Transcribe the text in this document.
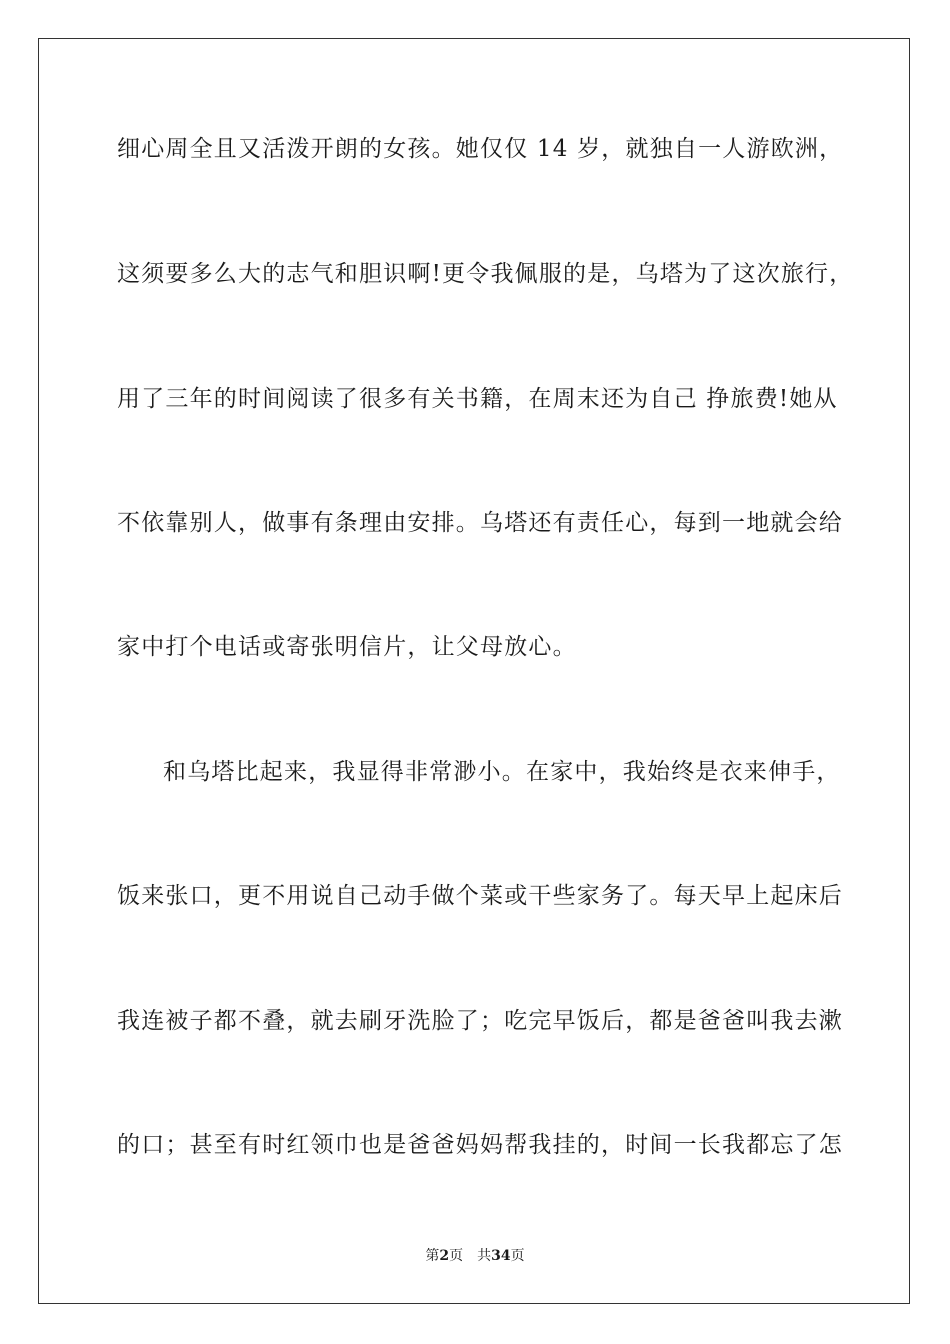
细心周全且又活泼开朗的女孩。她仅仅 14 岁，就独自一人游欧洲，
这须要多么大的志气和胆识啊!更令我佩服的是，乌塔为了这次旅行，
用了三年的时间阅读了很多有关书籍，在周末还为自己 挣旅费!她从
不依靠别人，做事有条理由安排。乌塔还有责任心，每到一地就会给
家中打个电话或寄张明信片，让父母放心。
和乌塔比起来，我显得非常渺小。在家中，我始终是衣来伸手，
饭来张口，更不用说自己动手做个菜或干些家务了。每天早上起床后
我连被子都不叠，就去刷牙洗脸了；吃完早饭后，都是爸爸叫我去漱
的口；甚至有时红领巾也是爸爸妈妈帮我挂的，时间一长我都忘了怎
第2页 共34页
